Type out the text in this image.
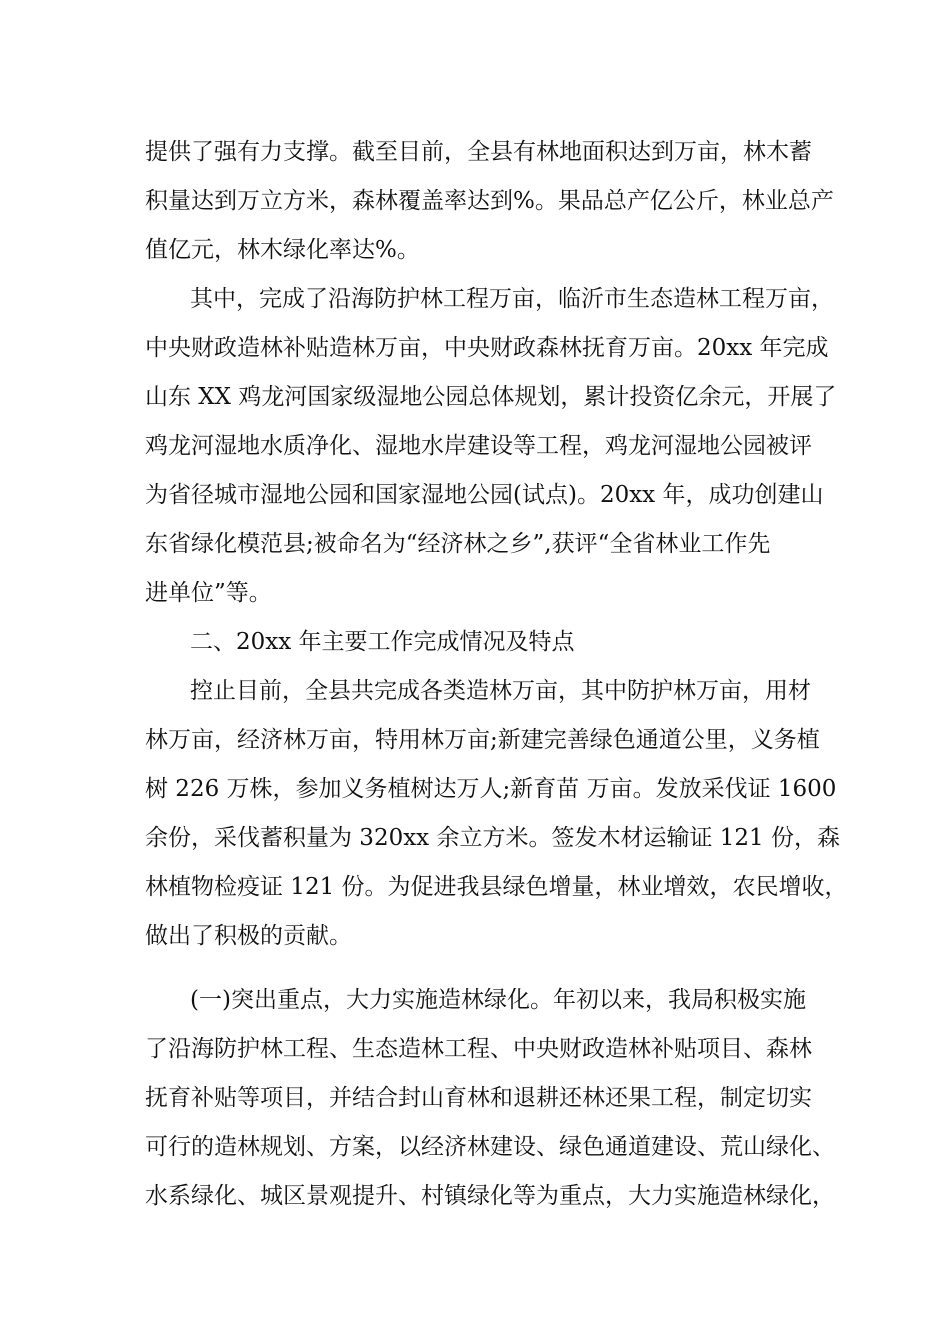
提供了强有力支撑。截至目前，全县有林地面积达到万亩，林木蓄

积量达到万立方米，森林覆盖率达到%。果品总产亿公斤，林业总产

值亿元，林木绿化率达%。

其中，完成了沿海防护林工程万亩，临沂市生态造林工程万亩，

中央财政造林补贴造林万亩，中央财政森林抚育万亩。20xx 年完成

山东 XX 鸡龙河国家级湿地公园总体规划，累计投资亿余元，开展了

鸡龙河湿地水质净化、湿地水岸建设等工程，鸡龙河湿地公园被评

为省径城市湿地公园和国家湿地公园(试点)。20xx 年，成功创建山

东省绿化模范县;被命名为“经济林之乡”,获评“全省林业工作先

进单位”等。

二、20xx 年主要工作完成情况及特点

控止目前，全县共完成各类造林万亩，其中防护林万亩，用材

林万亩，经济林万亩，特用林万亩;新建完善绿色通道公里，义务植

树 226 万株，参加义务植树达万人;新育苗 万亩。发放采伐证 1600

余份，采伐蓄积量为 320xx 余立方米。签发木材运输证 121 份，森

林植物检疫证 121 份。为促进我县绿色增量，林业增效，农民增收，

做出了积极的贡献。

(一)突出重点，大力实施造林绿化。年初以来，我局积极实施

了沿海防护林工程、生态造林工程、中央财政造林补贴项目、森林

抚育补贴等项目，并结合封山育林和退耕还林还果工程，制定切实

可行的造林规划、方案，以经济林建设、绿色通道建设、荒山绿化、

水系绿化、城区景观提升、村镇绿化等为重点，大力实施造林绿化，
